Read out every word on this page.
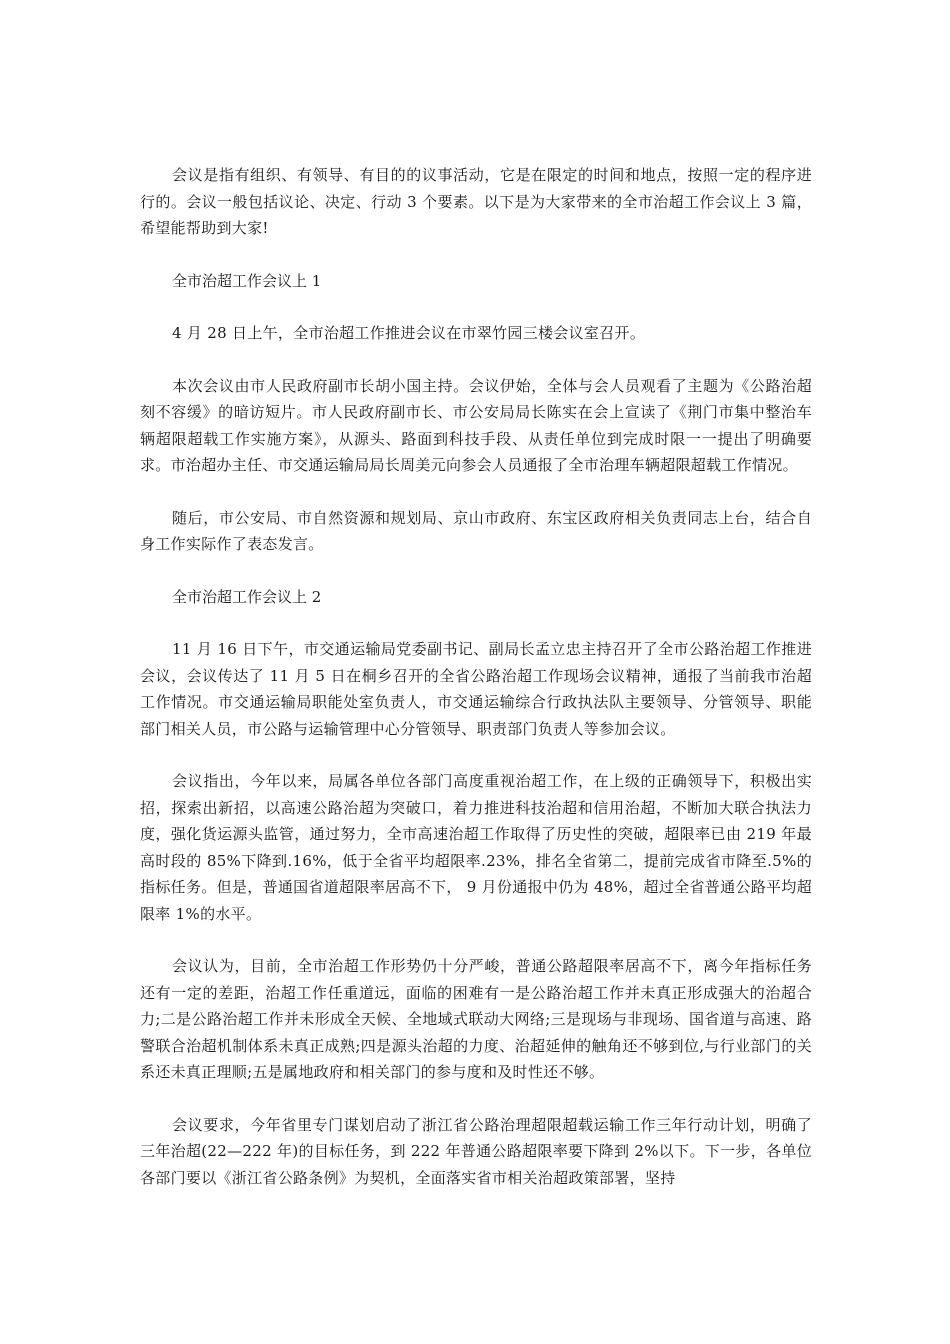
会议是指有组织、有领导、有目的的议事活动，它是在限定的时间和地点，按照一定的程序进行的。会议一般包括议论、决定、行动 3 个要素。以下是为大家带来的全市治超工作会议上 3 篇，希望能帮助到大家!

全市治超工作会议上 1

4 月 28 日上午，全市治超工作推进会议在市翠竹园三楼会议室召开。

本次会议由市人民政府副市长胡小国主持。会议伊始，全体与会人员观看了主题为《公路治超 刻不容缓》的暗访短片。市人民政府副市长、市公安局局长陈实在会上宣读了《荆门市集中整治车辆超限超载工作实施方案》，从源头、路面到科技手段、从责任单位到完成时限一一提出了明确要求。市治超办主任、市交通运输局局长周美元向参会人员通报了全市治理车辆超限超载工作情况。

随后，市公安局、市自然资源和规划局、京山市政府、东宝区政府相关负责同志上台，结合自身工作实际作了表态发言。

全市治超工作会议上 2

11 月 16 日下午，市交通运输局党委副书记、副局长孟立忠主持召开了全市公路治超工作推进会议，会议传达了 11 月 5 日在桐乡召开的全省公路治超工作现场会议精神，通报了当前我市治超工作情况。市交通运输局职能处室负责人，市交通运输综合行政执法队主要领导、分管领导、职能部门相关人员，市公路与运输管理中心分管领导、职责部门负责人等参加会议。

会议指出，今年以来，局属各单位各部门高度重视治超工作，在上级的正确领导下，积极出实招，探索出新招，以高速公路治超为突破口，着力推进科技治超和信用治超，不断加大联合执法力度，强化货运源头监管，通过努力，全市高速治超工作取得了历史性的突破，超限率已由 219 年最高时段的 85%下降到.16%，低于全省平均超限率.23%，排名全省第二，提前完成省市降至.5%的指标任务。但是，普通国省道超限率居高不下， 9 月份通报中仍为 48%，超过全省普通公路平均超限率 1%的水平。

会议认为，目前，全市治超工作形势仍十分严峻，普通公路超限率居高不下，离今年指标任务还有一定的差距，治超工作任重道远，面临的困难有一是公路治超工作并未真正形成强大的治超合力;二是公路治超工作并未形成全天候、全地域式联动大网络;三是现场与非现场、国省道与高速、路警联合治超机制体系未真正成熟;四是源头治超的力度、治超延伸的触角还不够到位,与行业部门的关系还未真正理顺;五是属地政府和相关部门的参与度和及时性还不够。

会议要求，今年省里专门谋划启动了浙江省公路治理超限超载运输工作三年行动计划，明确了三年治超(22—222 年)的目标任务，到 222 年普通公路超限率要下降到 2%以下。下一步，各单位各部门要以《浙江省公路条例》为契机，全面落实省市相关治超政策部署，坚持
